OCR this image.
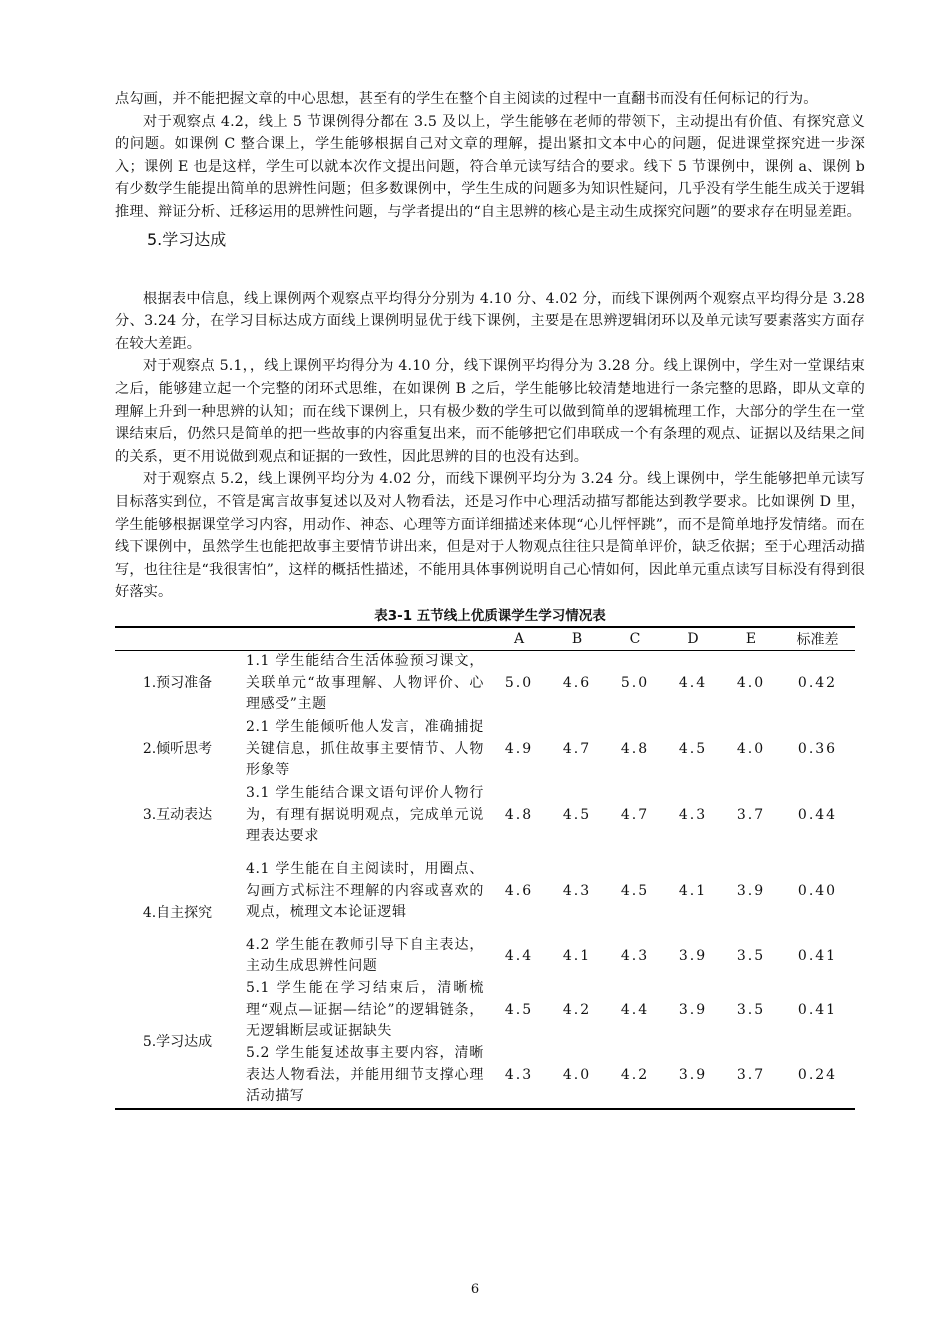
点勾画，并不能把握文章的中心思想，甚至有的学生在整个自主阅读的过程中一直翻书而没有任何标记的行为。

对于观察点 4.2，线上 5 节课例得分都在 3.5 及以上，学生能够在老师的带领下，主动提出有价值、有探究意义的问题。如课例 C 整合课上，学生能够根据自己对文章的理解，提出紧扣文本中心的问题，促进课堂探究进一步深入；课例 E 也是这样，学生可以就本次作文提出问题，符合单元读写结合的要求。线下 5 节课例中，课例 a、课例 b 有少数学生能提出简单的思辨性问题；但多数课例中，学生生成的问题多为知识性疑问，几乎没有学生能生成关于逻辑推理、辩证分析、迁移运用的思辨性问题，与学者提出的“自主思辨的核心是主动生成探究问题”的要求存在明显差距。

5.学习达成

根据表中信息，线上课例两个观察点平均得分分别为 4.10 分、4.02 分，而线下课例两个观察点平均得分是 3.28 分、3.24 分，在学习目标达成方面线上课例明显优于线下课例，主要是在思辨逻辑闭环以及单元读写要素落实方面存在较大差距。

对于观察点 5.1，，线上课例平均得分为 4.10 分，线下课例平均得分为 3.28 分。线上课例中，学生对一堂课结束之后，能够建立起一个完整的闭环式思维，在如课例 B 之后，学生能够比较清楚地进行一条完整的思路，即从文章的理解上升到一种思辨的认知；而在线下课例上，只有极少数的学生可以做到简单的逻辑梳理工作，大部分的学生在一堂课结束后，仍然只是简单的把一些故事的内容重复出来，而不能够把它们串联成一个有条理的观点、证据以及结果之间的关系，更不用说做到观点和证据的一致性，因此思辨的目的也没有达到。

对于观察点 5.2，线上课例平均分为 4.02 分，而线下课例平均分为 3.24 分。线上课例中，学生能够把单元读写目标落实到位，不管是寓言故事复述以及对人物看法，还是习作中心理活动描写都能达到教学要求。比如课例 D 里，学生能够根据课堂学习内容，用动作、神态、心理等方面详细描述来体现“心儿怦怦跳”，而不是简单地抒发情绪。而在线下课例中，虽然学生也能把故事主要情节讲出来，但是对于人物观点往往只是简单评价，缺乏依据；至于心理活动描写，也往往是“我很害怕”，这样的概括性描述，不能用具体事例说明自己心情如何，因此单元重点读写目标没有得到很好落实。

表3-1 五节线上优质课学生学习情况表
		A	B	C	D	E	标准差
1.预习准备	1.1 学生能结合生活体验预习课文，关联单元“故事理解、人物评价、心理感受”主题	5.0	4.6	5.0	4.4	4.0	0.42
2.倾听思考	2.1 学生能倾听他人发言，准确捕捉关键信息，抓住故事主要情节、人物形象等	4.9	4.7	4.8	4.5	4.0	0.36
3.互动表达	3.1 学生能结合课文语句评价人物行为，有理有据说明观点，完成单元说理表达要求	4.8	4.5	4.7	4.3	3.7	0.44
4.自主探究	4.1 学生能在自主阅读时，用圈点、勾画方式标注不理解的内容或喜欢的观点，梳理文本论证逻辑	4.6	4.3	4.5	4.1	3.9	0.40
	4.2 学生能在教师引导下自主表达，主动生成思辨性问题	4.4	4.1	4.3	3.9	3.5	0.41
5.学习达成	5.1 学生能在学习结束后，清晰梳理“观点—证据—结论”的逻辑链条，无逻辑断层或证据缺失	4.5	4.2	4.4	3.9	3.5	0.41
	5.2 学生能复述故事主要内容，清晰表达人物看法，并能用细节支撑心理活动描写	4.3	4.0	4.2	3.9	3.7	0.24
6
